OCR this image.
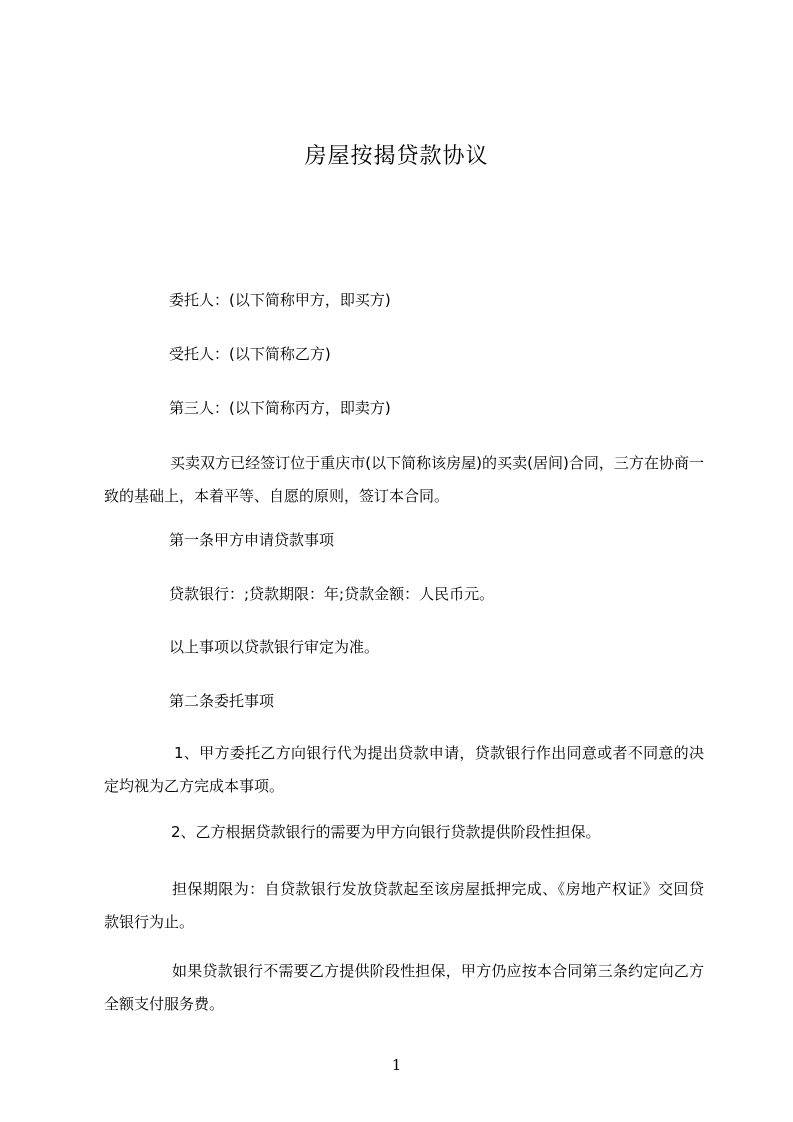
房屋按揭贷款协议
委托人：(以下简称甲方，即买方)
受托人：(以下简称乙方)
第三人：(以下简称丙方，即卖方)
买卖双方已经签订位于重庆市(以下简称该房屋)的买卖(居间)合同，三方在协商一致的基础上，本着平等、自愿的原则，签订本合同。
第一条甲方申请贷款事项
贷款银行：;贷款期限：年;贷款金额：人民币元。
以上事项以贷款银行审定为准。
第二条委托事项
1、甲方委托乙方向银行代为提出贷款申请，贷款银行作出同意或者不同意的决定均视为乙方完成本事项。
2、乙方根据贷款银行的需要为甲方向银行贷款提供阶段性担保。
担保期限为：自贷款银行发放贷款起至该房屋抵押完成、《房地产权证》交回贷款银行为止。
如果贷款银行不需要乙方提供阶段性担保，甲方仍应按本合同第三条约定向乙方全额支付服务费。
1
